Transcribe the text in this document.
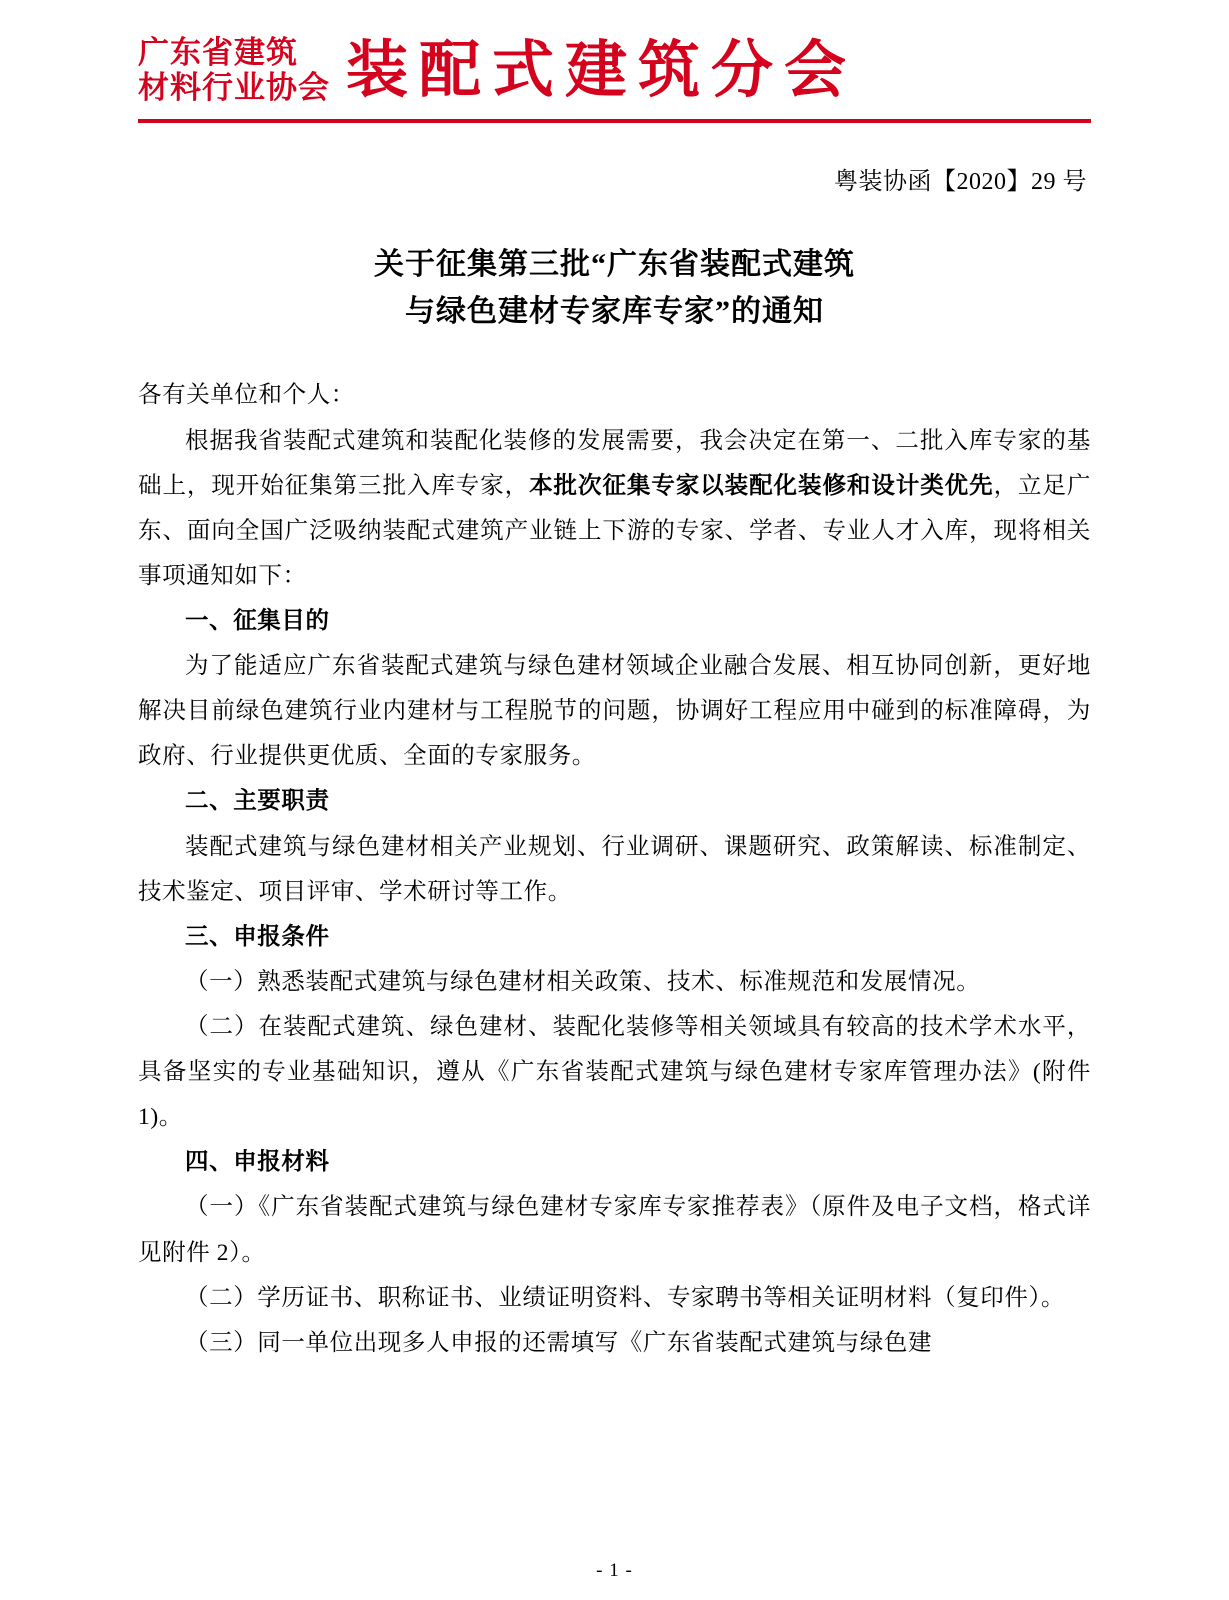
广东省建筑
材料行业协会 装配式建筑分会
粤装协函【2020】29 号
关于征集第三批“广东省装配式建筑
与绿色建材专家库专家”的通知

各有关单位和个人：

根据我省装配式建筑和装配化装修的发展需要，我会决定在第一、二批入库专家的基础上，现开始征集第三批入库专家，本批次征集专家以装配化装修和设计类优先，立足广东、面向全国广泛吸纳装配式建筑产业链上下游的专家、学者、专业人才入库，现将相关事项通知如下：

一、征集目的

为了能适应广东省装配式建筑与绿色建材领域企业融合发展、相互协同创新，更好地解决目前绿色建筑行业内建材与工程脱节的问题，协调好工程应用中碰到的标准障碍，为政府、行业提供更优质、全面的专家服务。

二、主要职责

装配式建筑与绿色建材相关产业规划、行业调研、课题研究、政策解读、标准制定、技术鉴定、项目评审、学术研讨等工作。

三、申报条件

（一）熟悉装配式建筑与绿色建材相关政策、技术、标准规范和发展情况。

（二）在装配式建筑、绿色建材、装配化装修等相关领域具有较高的技术学术水平，具备坚实的专业基础知识，遵从《广东省装配式建筑与绿色建材专家库管理办法》(附件 1)。

四、申报材料

（一）《广东省装配式建筑与绿色建材专家库专家推荐表》（原件及电子文档，格式详见附件 2）。

（二）学历证书、职称证书、业绩证明资料、专家聘书等相关证明材料（复印件）。

（三）同一单位出现多人申报的还需填写《广东省装配式建筑与绿色建

- 1 -
